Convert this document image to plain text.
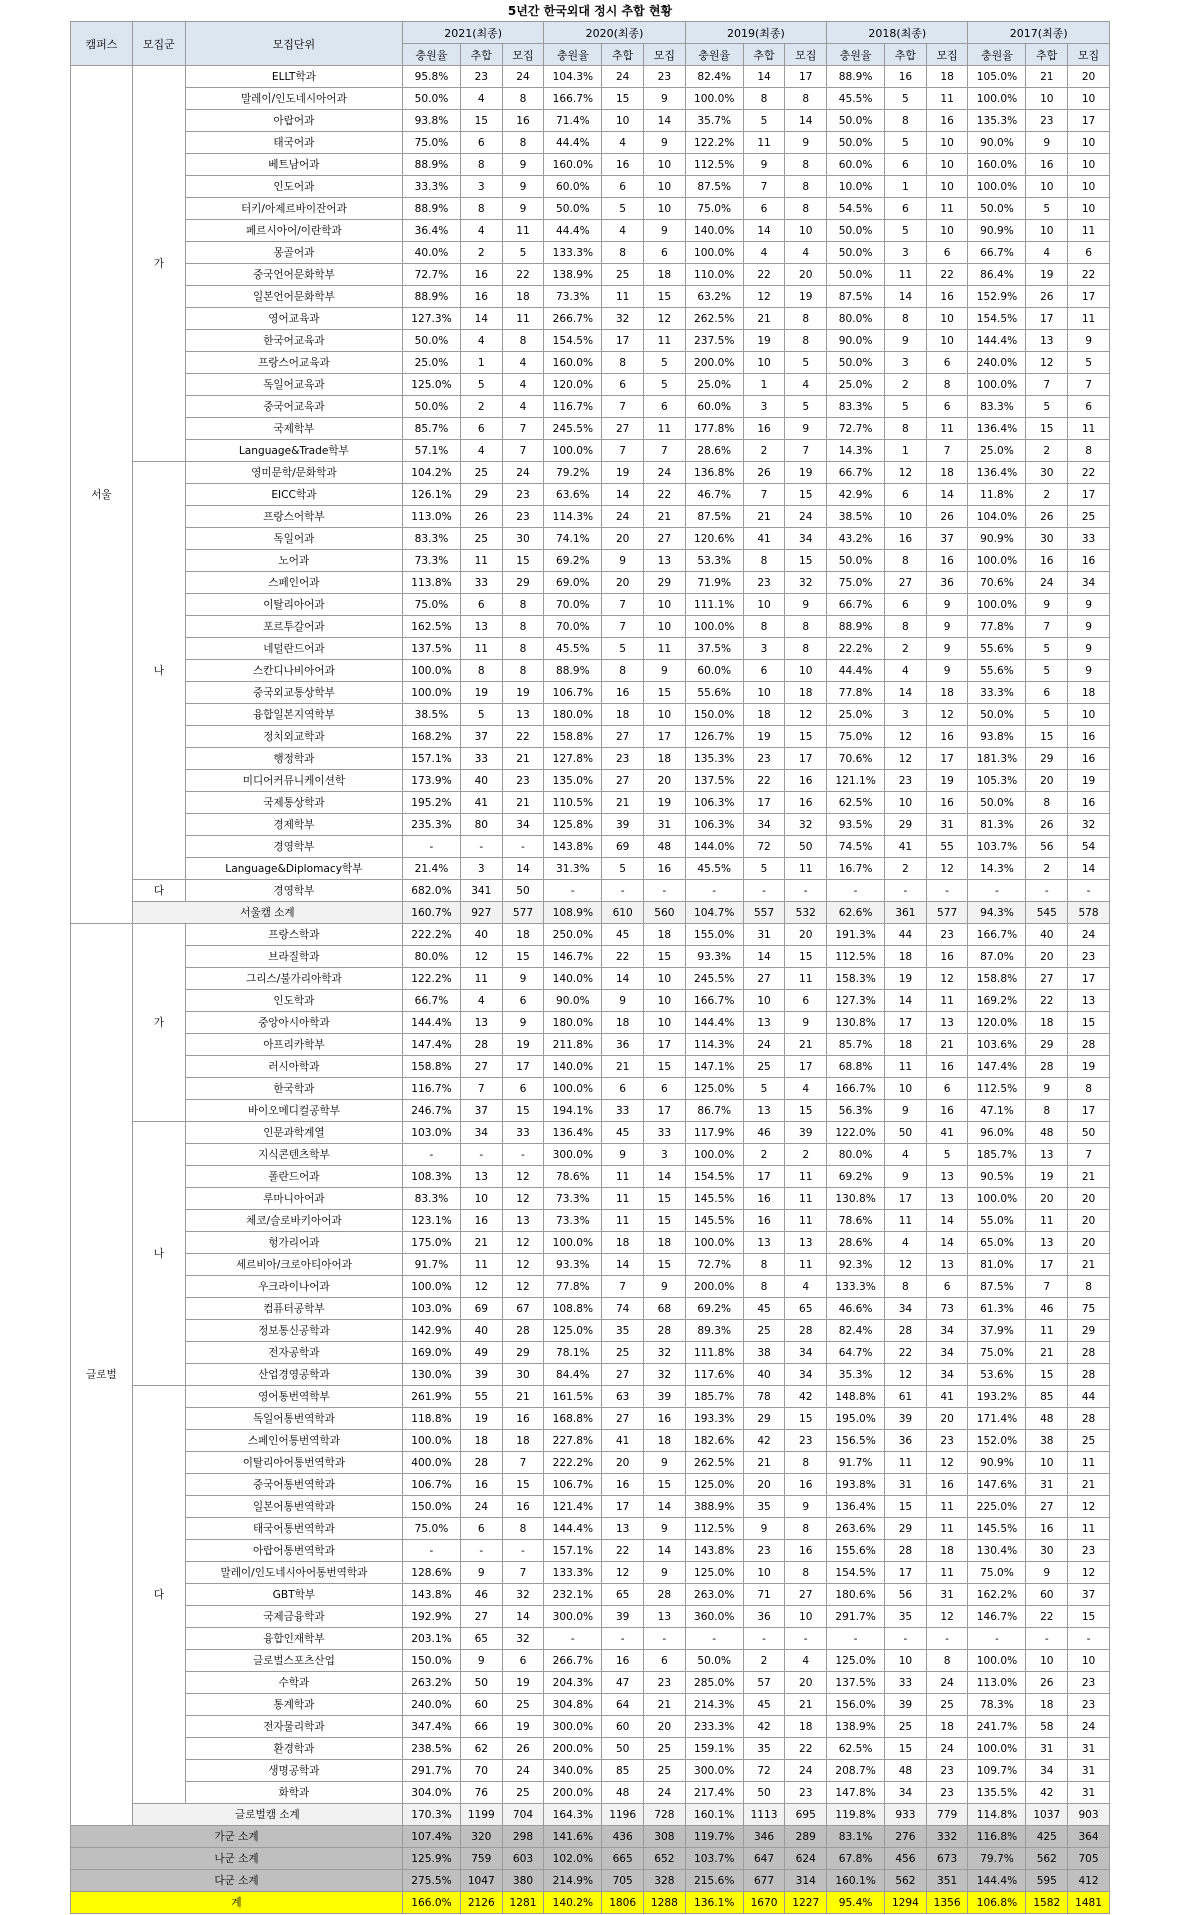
5년간 한국외대 정시 추합 현황
캠퍼스	모집군	모집단위	2021(최종)			2020(최종)			2019(최종)			2018(최종)			2017(최종)		
			충원율	추합	모집	충원율	추합	모집	충원율	추합	모집	충원율	추합	모집	충원율	추합	모집
서울	가	ELLT학과	95.8%	23	24	104.3%	24	23	82.4%	14	17	88.9%	16	18	105.0%	21	20
		말레이/인도네시아어과	50.0%	4	8	166.7%	15	9	100.0%	8	8	45.5%	5	11	100.0%	10	10
		아랍어과	93.8%	15	16	71.4%	10	14	35.7%	5	14	50.0%	8	16	135.3%	23	17
		태국어과	75.0%	6	8	44.4%	4	9	122.2%	11	9	50.0%	5	10	90.0%	9	10
		베트남어과	88.9%	8	9	160.0%	16	10	112.5%	9	8	60.0%	6	10	160.0%	16	10
		인도어과	33.3%	3	9	60.0%	6	10	87.5%	7	8	10.0%	1	10	100.0%	10	10
		터키/아제르바이잔어과	88.9%	8	9	50.0%	5	10	75.0%	6	8	54.5%	6	11	50.0%	5	10
		페르시아어/이란학과	36.4%	4	11	44.4%	4	9	140.0%	14	10	50.0%	5	10	90.9%	10	11
		몽골어과	40.0%	2	5	133.3%	8	6	100.0%	4	4	50.0%	3	6	66.7%	4	6
		중국언어문화학부	72.7%	16	22	138.9%	25	18	110.0%	22	20	50.0%	11	22	86.4%	19	22
		일본언어문화학부	88.9%	16	18	73.3%	11	15	63.2%	12	19	87.5%	14	16	152.9%	26	17
		영어교육과	127.3%	14	11	266.7%	32	12	262.5%	21	8	80.0%	8	10	154.5%	17	11
		한국어교육과	50.0%	4	8	154.5%	17	11	237.5%	19	8	90.0%	9	10	144.4%	13	9
		프랑스어교육과	25.0%	1	4	160.0%	8	5	200.0%	10	5	50.0%	3	6	240.0%	12	5
		독일어교육과	125.0%	5	4	120.0%	6	5	25.0%	1	4	25.0%	2	8	100.0%	7	7
		중국어교육과	50.0%	2	4	116.7%	7	6	60.0%	3	5	83.3%	5	6	83.3%	5	6
		국제학부	85.7%	6	7	245.5%	27	11	177.8%	16	9	72.7%	8	11	136.4%	15	11
		Language&Trade학부	57.1%	4	7	100.0%	7	7	28.6%	2	7	14.3%	1	7	25.0%	2	8
	나	영미문학/문화학과	104.2%	25	24	79.2%	19	24	136.8%	26	19	66.7%	12	18	136.4%	30	22
		EICC학과	126.1%	29	23	63.6%	14	22	46.7%	7	15	42.9%	6	14	11.8%	2	17
		프랑스어학부	113.0%	26	23	114.3%	24	21	87.5%	21	24	38.5%	10	26	104.0%	26	25
		독일어과	83.3%	25	30	74.1%	20	27	120.6%	41	34	43.2%	16	37	90.9%	30	33
		노어과	73.3%	11	15	69.2%	9	13	53.3%	8	15	50.0%	8	16	100.0%	16	16
		스페인어과	113.8%	33	29	69.0%	20	29	71.9%	23	32	75.0%	27	36	70.6%	24	34
		이탈리아어과	75.0%	6	8	70.0%	7	10	111.1%	10	9	66.7%	6	9	100.0%	9	9
		포르투갈어과	162.5%	13	8	70.0%	7	10	100.0%	8	8	88.9%	8	9	77.8%	7	9
		네덜란드어과	137.5%	11	8	45.5%	5	11	37.5%	3	8	22.2%	2	9	55.6%	5	9
		스칸디나비아어과	100.0%	8	8	88.9%	8	9	60.0%	6	10	44.4%	4	9	55.6%	5	9
		중국외교통상학부	100.0%	19	19	106.7%	16	15	55.6%	10	18	77.8%	14	18	33.3%	6	18
		융합일본지역학부	38.5%	5	13	180.0%	18	10	150.0%	18	12	25.0%	3	12	50.0%	5	10
		정치외교학과	168.2%	37	22	158.8%	27	17	126.7%	19	15	75.0%	12	16	93.8%	15	16
		행정학과	157.1%	33	21	127.8%	23	18	135.3%	23	17	70.6%	12	17	181.3%	29	16
		미디어커뮤니케이션학	173.9%	40	23	135.0%	27	20	137.5%	22	16	121.1%	23	19	105.3%	20	19
		국제통상학과	195.2%	41	21	110.5%	21	19	106.3%	17	16	62.5%	10	16	50.0%	8	16
		경제학부	235.3%	80	34	125.8%	39	31	106.3%	34	32	93.5%	29	31	81.3%	26	32
		경영학부	-	-	-	143.8%	69	48	144.0%	72	50	74.5%	41	55	103.7%	56	54
		Language&Diplomacy학부	21.4%	3	14	31.3%	5	16	45.5%	5	11	16.7%	2	12	14.3%	2	14
	다	경영학부	682.0%	341	50	-	-	-	-	-	-	-	-	-	-	-	-
	서울캠 소계		160.7%	927	577	108.9%	610	560	104.7%	557	532	62.6%	361	577	94.3%	545	578
글로벌	가	프랑스학과	222.2%	40	18	250.0%	45	18	155.0%	31	20	191.3%	44	23	166.7%	40	24
		브라질학과	80.0%	12	15	146.7%	22	15	93.3%	14	15	112.5%	18	16	87.0%	20	23
		그리스/불가리아학과	122.2%	11	9	140.0%	14	10	245.5%	27	11	158.3%	19	12	158.8%	27	17
		인도학과	66.7%	4	6	90.0%	9	10	166.7%	10	6	127.3%	14	11	169.2%	22	13
		중앙아시아학과	144.4%	13	9	180.0%	18	10	144.4%	13	9	130.8%	17	13	120.0%	18	15
		아프리카학부	147.4%	28	19	211.8%	36	17	114.3%	24	21	85.7%	18	21	103.6%	29	28
		러시아학과	158.8%	27	17	140.0%	21	15	147.1%	25	17	68.8%	11	16	147.4%	28	19
		한국학과	116.7%	7	6	100.0%	6	6	125.0%	5	4	166.7%	10	6	112.5%	9	8
		바이오메디컬공학부	246.7%	37	15	194.1%	33	17	86.7%	13	15	56.3%	9	16	47.1%	8	17
	나	인문과학계열	103.0%	34	33	136.4%	45	33	117.9%	46	39	122.0%	50	41	96.0%	48	50
		지식콘텐츠학부	-	-	-	300.0%	9	3	100.0%	2	2	80.0%	4	5	185.7%	13	7
		폴란드어과	108.3%	13	12	78.6%	11	14	154.5%	17	11	69.2%	9	13	90.5%	19	21
		루마니아어과	83.3%	10	12	73.3%	11	15	145.5%	16	11	130.8%	17	13	100.0%	20	20
		체코/슬로바키아어과	123.1%	16	13	73.3%	11	15	145.5%	16	11	78.6%	11	14	55.0%	11	20
		헝가리어과	175.0%	21	12	100.0%	18	18	100.0%	13	13	28.6%	4	14	65.0%	13	20
		세르비아/크로아티아어과	91.7%	11	12	93.3%	14	15	72.7%	8	11	92.3%	12	13	81.0%	17	21
		우크라이나어과	100.0%	12	12	77.8%	7	9	200.0%	8	4	133.3%	8	6	87.5%	7	8
		컴퓨터공학부	103.0%	69	67	108.8%	74	68	69.2%	45	65	46.6%	34	73	61.3%	46	75
		정보통신공학과	142.9%	40	28	125.0%	35	28	89.3%	25	28	82.4%	28	34	37.9%	11	29
		전자공학과	169.0%	49	29	78.1%	25	32	111.8%	38	34	64.7%	22	34	75.0%	21	28
		산업경영공학과	130.0%	39	30	84.4%	27	32	117.6%	40	34	35.3%	12	34	53.6%	15	28
	다	영어통번역학부	261.9%	55	21	161.5%	63	39	185.7%	78	42	148.8%	61	41	193.2%	85	44
		독일어통번역학과	118.8%	19	16	168.8%	27	16	193.3%	29	15	195.0%	39	20	171.4%	48	28
		스페인어통번역학과	100.0%	18	18	227.8%	41	18	182.6%	42	23	156.5%	36	23	152.0%	38	25
		이탈리아어통번역학과	400.0%	28	7	222.2%	20	9	262.5%	21	8	91.7%	11	12	90.9%	10	11
		중국어통번역학과	106.7%	16	15	106.7%	16	15	125.0%	20	16	193.8%	31	16	147.6%	31	21
		일본어통번역학과	150.0%	24	16	121.4%	17	14	388.9%	35	9	136.4%	15	11	225.0%	27	12
		태국어통번역학과	75.0%	6	8	144.4%	13	9	112.5%	9	8	263.6%	29	11	145.5%	16	11
		아랍어통번역학과	-	-	-	157.1%	22	14	143.8%	23	16	155.6%	28	18	130.4%	30	23
		말레이/인도네시아어통번역학과	128.6%	9	7	133.3%	12	9	125.0%	10	8	154.5%	17	11	75.0%	9	12
		GBT학부	143.8%	46	32	232.1%	65	28	263.0%	71	27	180.6%	56	31	162.2%	60	37
		국제금융학과	192.9%	27	14	300.0%	39	13	360.0%	36	10	291.7%	35	12	146.7%	22	15
		융합인재학부	203.1%	65	32	-	-	-	-	-	-	-	-	-	-	-	-
		글로벌스포츠산업	150.0%	9	6	266.7%	16	6	50.0%	2	4	125.0%	10	8	100.0%	10	10
		수학과	263.2%	50	19	204.3%	47	23	285.0%	57	20	137.5%	33	24	113.0%	26	23
		통계학과	240.0%	60	25	304.8%	64	21	214.3%	45	21	156.0%	39	25	78.3%	18	23
		전자물리학과	347.4%	66	19	300.0%	60	20	233.3%	42	18	138.9%	25	18	241.7%	58	24
		환경학과	238.5%	62	26	200.0%	50	25	159.1%	35	22	62.5%	15	24	100.0%	31	31
		생명공학과	291.7%	70	24	340.0%	85	25	300.0%	72	24	208.7%	48	23	109.7%	34	31
		화학과	304.0%	76	25	200.0%	48	24	217.4%	50	23	147.8%	34	23	135.5%	42	31
	글로벌캠 소계		170.3%	1199	704	164.3%	1196	728	160.1%	1113	695	119.8%	933	779	114.8%	1037	903
가군 소계			107.4%	320	298	141.6%	436	308	119.7%	346	289	83.1%	276	332	116.8%	425	364
나군 소계			125.9%	759	603	102.0%	665	652	103.7%	647	624	67.8%	456	673	79.7%	562	705
다군 소계			275.5%	1047	380	214.9%	705	328	215.6%	677	314	160.1%	562	351	144.4%	595	412
계			166.0%	2126	1281	140.2%	1806	1288	136.1%	1670	1227	95.4%	1294	1356	106.8%	1582	1481
